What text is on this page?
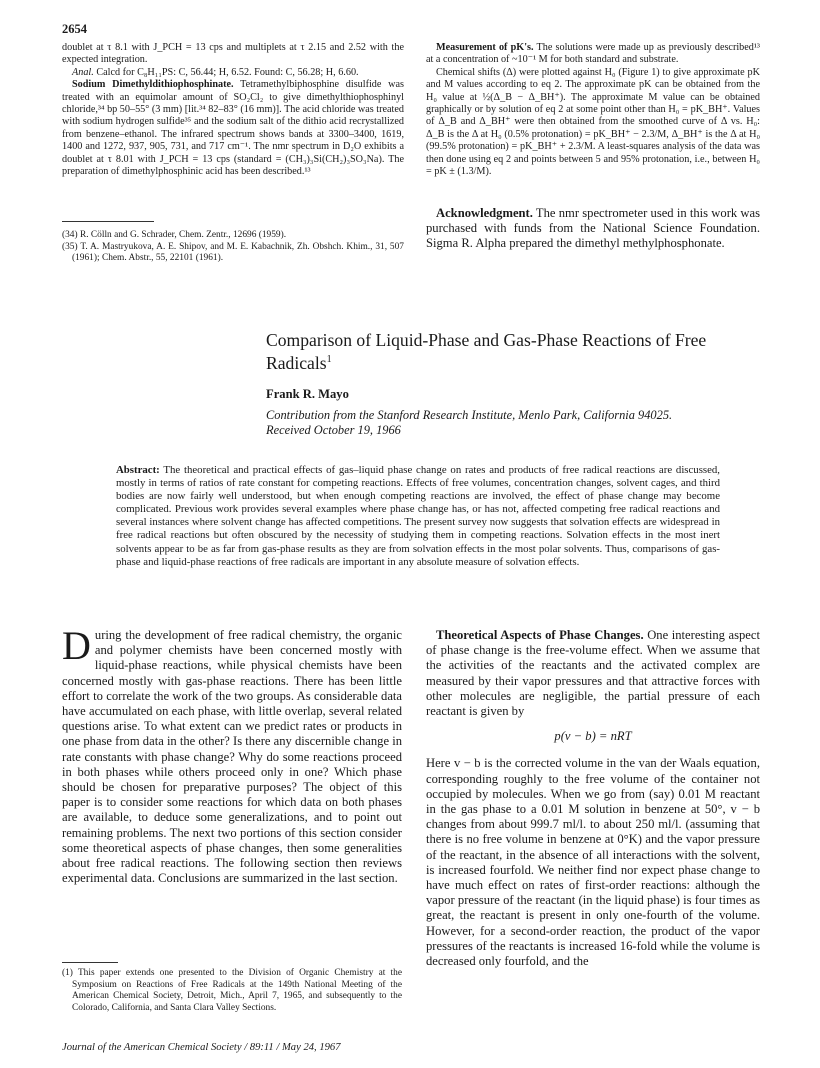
2654

doublet at τ 8.1 with J_PCH = 13 cps and multiplets at τ 2.15 and 2.52 with the expected integration.

Anal. Calcd for C₈H₁₁PS: C, 56.44; H, 6.52. Found: C, 56.28; H, 6.60.

Sodium Dimethyldithiophosphinate. Tetramethylbiphosphine disulfide was treated with an equimolar amount of SO₂Cl₂ to give dimethylthiophosphinyl chloride,³⁴ bp 50–55° (3 mm) [lit.³⁴ 82–83° (16 mm)]. The acid chloride was treated with sodium hydrogen sulfide³⁵ and the sodium salt of the dithio acid recrystallized from benzene–ethanol. The infrared spectrum shows bands at 3300–3400, 1619, 1400 and 1272, 937, 905, 731, and 717 cm⁻¹. The nmr spectrum in D₂O exhibits a doublet at τ 8.01 with J_PCH = 13 cps (standard = (CH₃)₃Si(CH₂)₃SO₃Na). The preparation of dimethylphosphinic acid has been described.¹³

(34) R. Cölln and G. Schrader, Chem. Zentr., 12696 (1959).

(35) T. A. Mastryukova, A. E. Shipov, and M. E. Kabachnik, Zh. Obshch. Khim., 31, 507 (1961); Chem. Abstr., 55, 22101 (1961).

Measurement of pK's. The solutions were made up as previously described¹³ at a concentration of ~10⁻¹ M for both standard and substrate.

Chemical shifts (Δ) were plotted against H₀ (Figure 1) to give approximate pK and M values according to eq 2. The approximate pK can be obtained from the H₀ value at ½(Δ_B − Δ_BH⁺). The approximate M value can be obtained graphically or by solution of eq 2 at some point other than H₀ = pK_BH⁺. Values of Δ_B and Δ_BH⁺ were then obtained from the smoothed curve of Δ vs. H₀: Δ_B is the Δ at H₀ (0.5% protonation) = pK_BH⁺ − 2.3/M, Δ_BH⁺ is the Δ at H₀ (99.5% protonation) = pK_BH⁺ + 2.3/M. A least-squares analysis of the data was then done using eq 2 and points between 5 and 95% protonation, i.e., between H₀ = pK ± (1.3/M).

Acknowledgment. The nmr spectrometer used in this work was purchased with funds from the National Science Foundation. Sigma R. Alpha prepared the dimethyl methylphosphonate.

Comparison of Liquid-Phase and Gas-Phase Reactions of Free Radicals$^1$
Frank R. Mayo
Contribution from the Stanford Research Institute, Menlo Park, California 94025.
Received October 19, 1966
Abstract: The theoretical and practical effects of gas–liquid phase change on rates and products of free radical reactions are discussed, mostly in terms of ratios of rate constant for competing reactions. Effects of free volumes, concentration changes, solvent cages, and third bodies are now fairly well understood, but when enough competing reactions are involved, the effect of phase change may become complicated. Previous work provides several examples where phase change has, or has not, affected competing free radical reactions and several instances where solvent change has affected competitions. The present survey now suggests that solvation effects are widespread in free radical reactions but often obscured by the necessity of studying them in competing reactions. Solvation effects in the most inert solvents appear to be as far from gas-phase results as they are from solvation effects in the most polar solvents. Thus, comparisons of gas-phase and liquid-phase reactions of free radicals are important in any absolute measure of solvation effects.

During the development of free radical chemistry, the organic and polymer chemists have been concerned mostly with liquid-phase reactions, while physical chemists have been concerned mostly with gas-phase reactions. There has been little effort to correlate the work of the two groups. As considerable data have accumulated on each phase, with little overlap, several related questions arise. To what extent can we predict rates or products in one phase from data in the other? Is there any discernible change in rate constants with phase change? Why do some reactions proceed in both phases while others proceed only in one? Which phase should be chosen for preparative purposes? The object of this paper is to consider some reactions for which data on both phases are available, to deduce some generalizations, and to point out remaining problems. The next two portions of this section consider some theoretical aspects of phase changes, then some generalities about free radical reactions. The following section then reviews experimental data. Conclusions are summarized in the last section.

(1) This paper extends one presented to the Division of Organic Chemistry at the Symposium on Reactions of Free Radicals at the 149th National Meeting of the American Chemical Society, Detroit, Mich., April 7, 1965, and subsequently to the Colorado, California, and Santa Clara Valley Sections.

Theoretical Aspects of Phase Changes. One interesting aspect of phase change is the free-volume effect. When we assume that the activities of the reactants and the activated complex are measured by their vapor pressures and that attractive forces with other molecules are negligible, the partial pressure of each reactant is given by

p(v − b) = nRT

Here v − b is the corrected volume in the van der Waals equation, corresponding roughly to the free volume of the container not occupied by molecules. When we go from (say) 0.01 M reactant in the gas phase to a 0.01 M solution in benzene at 50°, v − b changes from about 999.7 ml/l. to about 250 ml/l. (assuming that there is no free volume in benzene at 0°K) and the vapor pressure of the reactant, in the absence of all interactions with the solvent, is increased fourfold. We neither find nor expect phase change to have much effect on rates of first-order reactions: although the vapor pressure of the reactant (in the liquid phase) is four times as great, the reactant is present in only one-fourth of the volume. However, for a second-order reaction, the product of the vapor pressures of the reactants is increased 16-fold while the volume is decreased only fourfold, and the

Journal of the American Chemical Society / 89:11 / May 24, 1967
